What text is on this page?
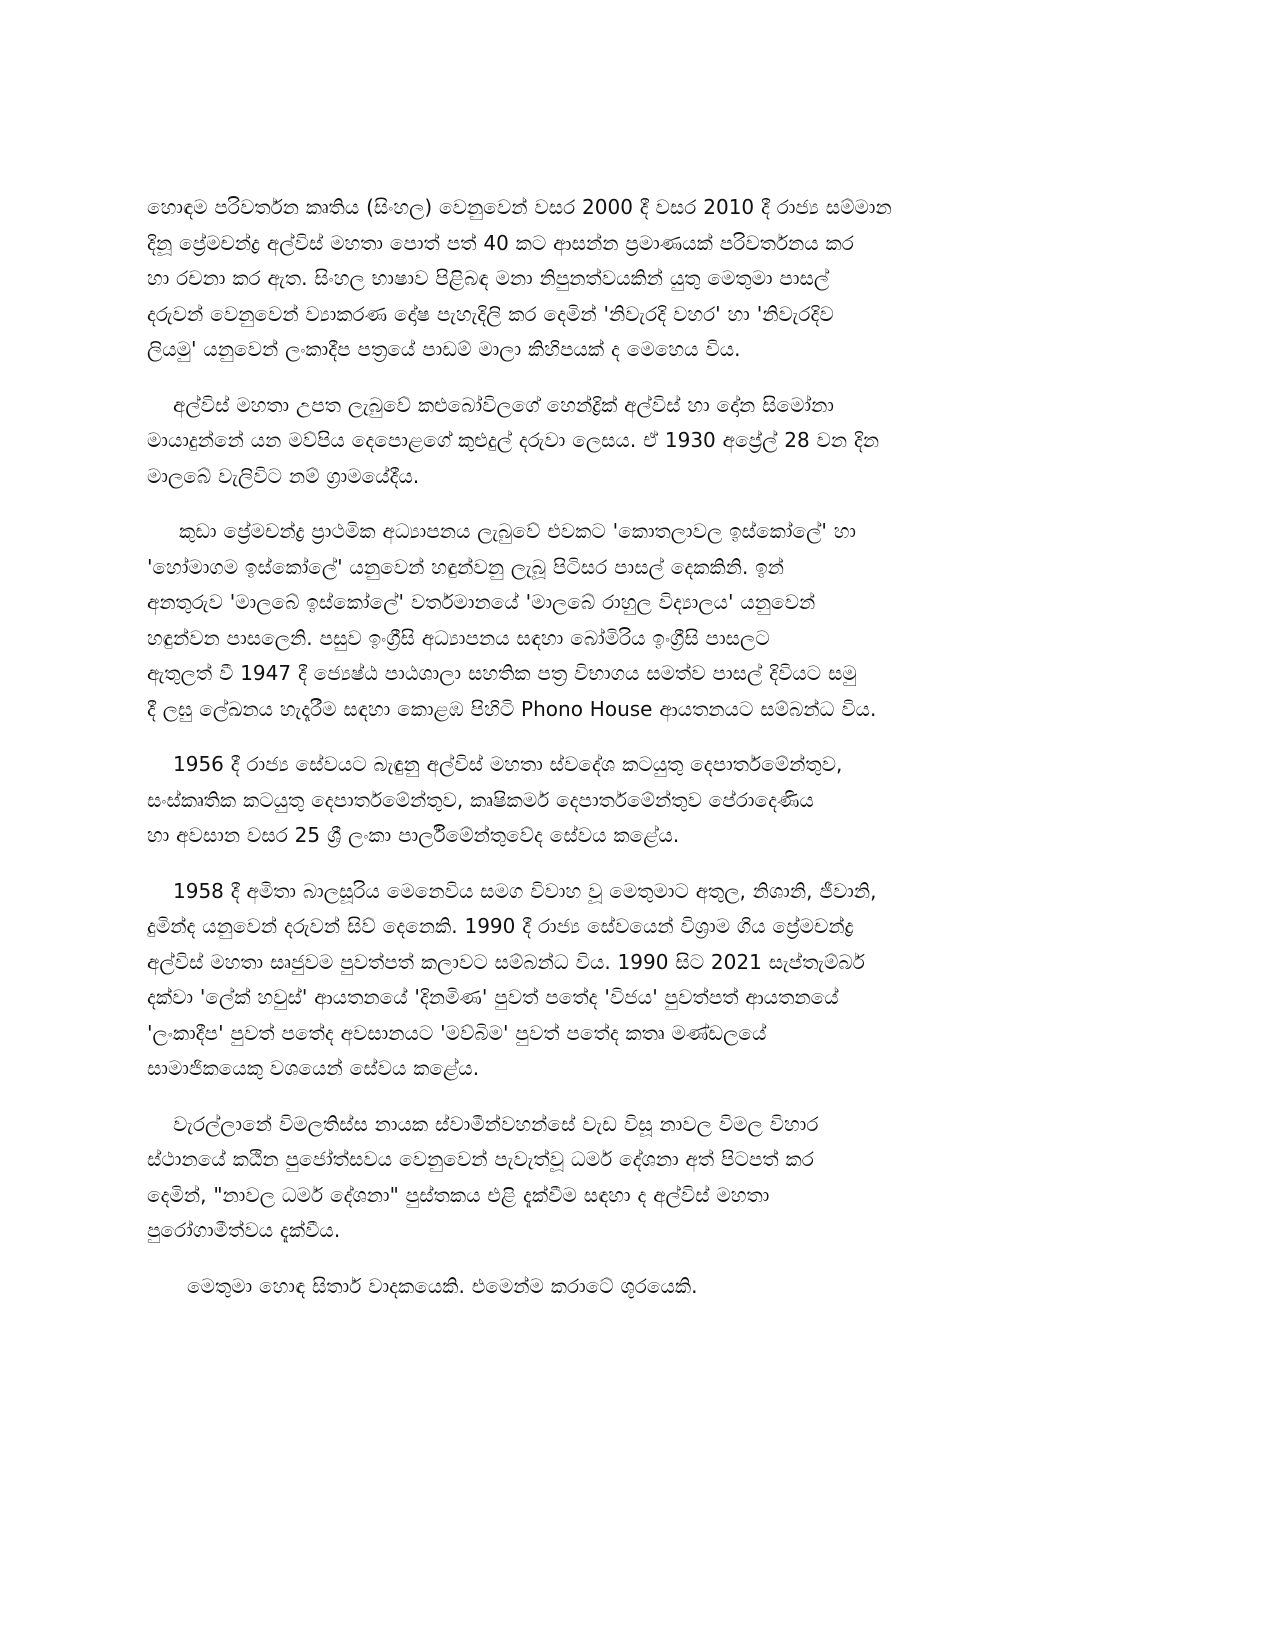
හොඳම පරිවර්තන කෘතිය (සිංහල) වෙනුවෙන් වසර 2000 දී වසර 2010 දී රාජ්‍ය සම්මාන
දිනූ ප්‍රේමචන්ද්‍ර අල්විස් මහතා පොත් පත් 40 කට ආසන්න ප්‍රමාණයක් පරිවර්තනය කර
හා රචනා කර ඇත. සිංහල භාෂාව පිළිබඳ මනා නිපුනත්වයකින් යුතු මෙතුමා පාසල්
දරුවන් වෙනුවෙන් ව්‍යාකරණ දෝෂ පැහැදිලි කර දෙමින් 'නිවැරදි වහර' හා 'නිවැරදිව
ලියමු' යනුවෙන් ලංකාදීප පත්‍රයේ පාඩම් මාලා කිහිපයක් ද මෙහෙය විය.

අල්විස් මහතා උපත ලැබුවේ කළුබෝවිලගේ හෙන්ද්‍රික් අල්විස් හා දෝන සිමෝනා
මායාදුන්නේ යන මව්පිය දෙපොළගේ කුළුදුල් දරුවා ලෙසය. ඒ 1930 අප්‍රේල් 28 වන දින
මාලබේ වැලිවිට නම් ග්‍රාමයේදීය.

කුඩා ප්‍රේමචන්ද්‍ර ප්‍රාථමික අධ්‍යාපනය ලැබුවේ එවකට 'කොතලාවල ඉස්කෝලේ' හා
'හෝමාගම ඉස්කෝලේ' යනුවෙන් හඳුන්වනු ලැබූ පිටිසර පාසල් දෙකකිනි. ඉන්
අනතුරුව 'මාලබේ ඉස්කෝලේ' වර්තමානයේ 'මාලබේ රාහුල විද්‍යාලය' යනුවෙන්
හඳුන්වන පාසලෙනි. පසුව ඉංග්‍රීසි අධ්‍යාපනය සඳහා බෝමිරිය ඉංග්‍රීසි පාසලට
ඇතුලත් වී 1947 දී ජ්‍යෙෂ්ඨ පාඨශාලා සහතික පත්‍ර විභාගය සමත්ව පාසල් දිවියට සමු
දී ලඝු ලේඛනය හැදෑරීම සඳහා කොළඹ පිහිටි Phono House ආයතනයට සම්බන්ධ විය.

1956 දී රාජ්‍ය සේවයට බැඳුනු අල්විස් මහතා ස්වදේශ කටයුතු දෙපාර්තමේන්තුව,
සංස්කෘතික කටයුතු දෙපාර්තමේන්තුව, කෘෂිකර්ම දෙපාර්තමේන්තුව පේරාදෙණිය
හා අවසාන වසර 25 ශ්‍රී ලංකා පාර්ලිමේන්තුවේද සේවය කළේය.

1958 දී අමිතා බාලසූරිය මෙනෙවිය සමග විවාහ වූ මෙතුමාට අතුල, නිශානි, ජීවානි,
දුමින්ද යනුවෙන් දරුවන් සිව් දෙනෙකි. 1990 දී රාජ්‍ය සේවයෙන් විශ්‍රාම ගිය ප්‍රේමචන්ද්‍ර
අල්විස් මහතා සෘජුවම පුවත්පත් කලාවට සම්බන්ධ විය. 1990 සිට 2021 සැප්තැම්බර්
දක්වා 'ලේක් හවුස්' ආයතනයේ 'දිනමිණ' පුවත් පතේද 'විජය' පුවත්පත් ආයතනයේ
'ලංකාදීප' පුවත් පතේද අවසානයට 'මව්බිම' පුවත් පතේද කතෘ මණ්ඩලයේ
සාමාජිකයෙකු වශයෙන් සේවය කළේය.

වැරල්ලානේ විමලතිස්ස නායක ස්වාමීන්වහන්සේ වැඩ විසූ නාවල විමල විහාර
ස්ථානයේ කඨින පුජෝත්සවය වෙනුවෙන් පැවැත්වූ ධර්ම දේශනා අත් පිටපත් කර
දෙමින්, "නාවල ධර්ම දේශනා" පුස්තකය එළි දැක්වීම සඳහා ද අල්විස් මහතා
පුරෝගාමීත්වය දැක්වීය.

මෙතුමා හොඳ සිතාර් වාදකයෙකි. එමෙන්ම කරාටේ ශූරයෙකි.
